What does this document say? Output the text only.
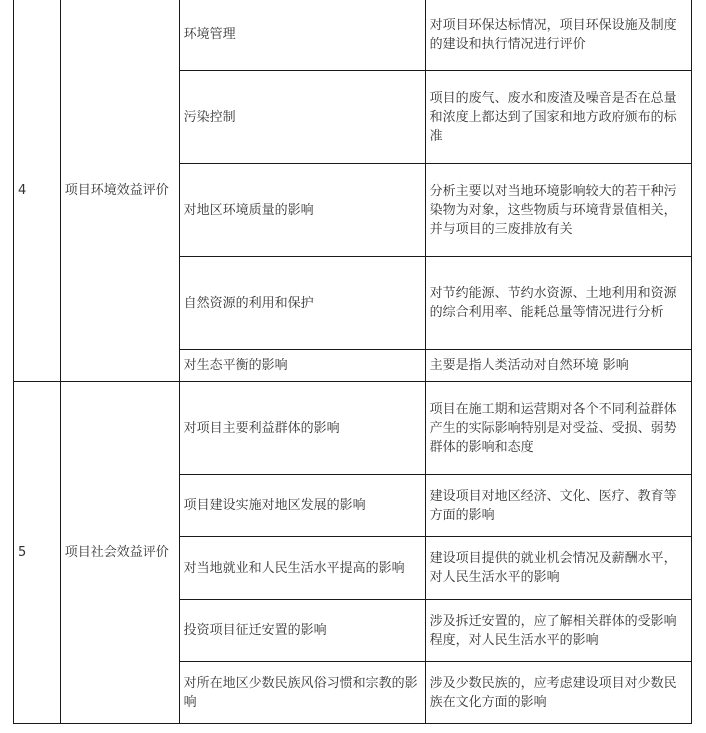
4	项目环境效益评价	环境管理	对项目环保达标情况，项目环保设施及制度的建设和执行情况进行评价
		污染控制	项目的废气、废水和废渣及噪音是否在总量和浓度上都达到了国家和地方政府颁布的标准
		对地区环境质量的影响	分析主要以对当地环境影响较大的若干种污染物为对象，这些物质与环境背景值相关，并与项目的三废排放有关
		自然资源的利用和保护	对节约能源、节约水资源、土地利用和资源的综合利用率、能耗总量等情况进行分析
		对生态平衡的影响	主要是指人类活动对自然环境 影响
5	项目社会效益评价	对项目主要利益群体的影响	项目在施工期和运营期对各个不同利益群体产生的实际影响特别是对受益、受损、弱势群体的影响和态度
		项目建设实施对地区发展的影响	建设项目对地区经济、文化、医疗、教育等方面的影响
		对当地就业和人民生活水平提高的影响	建设项目提供的就业机会情况及薪酬水平，对人民生活水平的影响
		投资项目征迁安置的影响	涉及拆迁安置的，应了解相关群体的受影响程度，对人民生活水平的影响
		对所在地区少数民族风俗习惯和宗教的影响	涉及少数民族的，应考虑建设项目对少数民族在文化方面的影响
